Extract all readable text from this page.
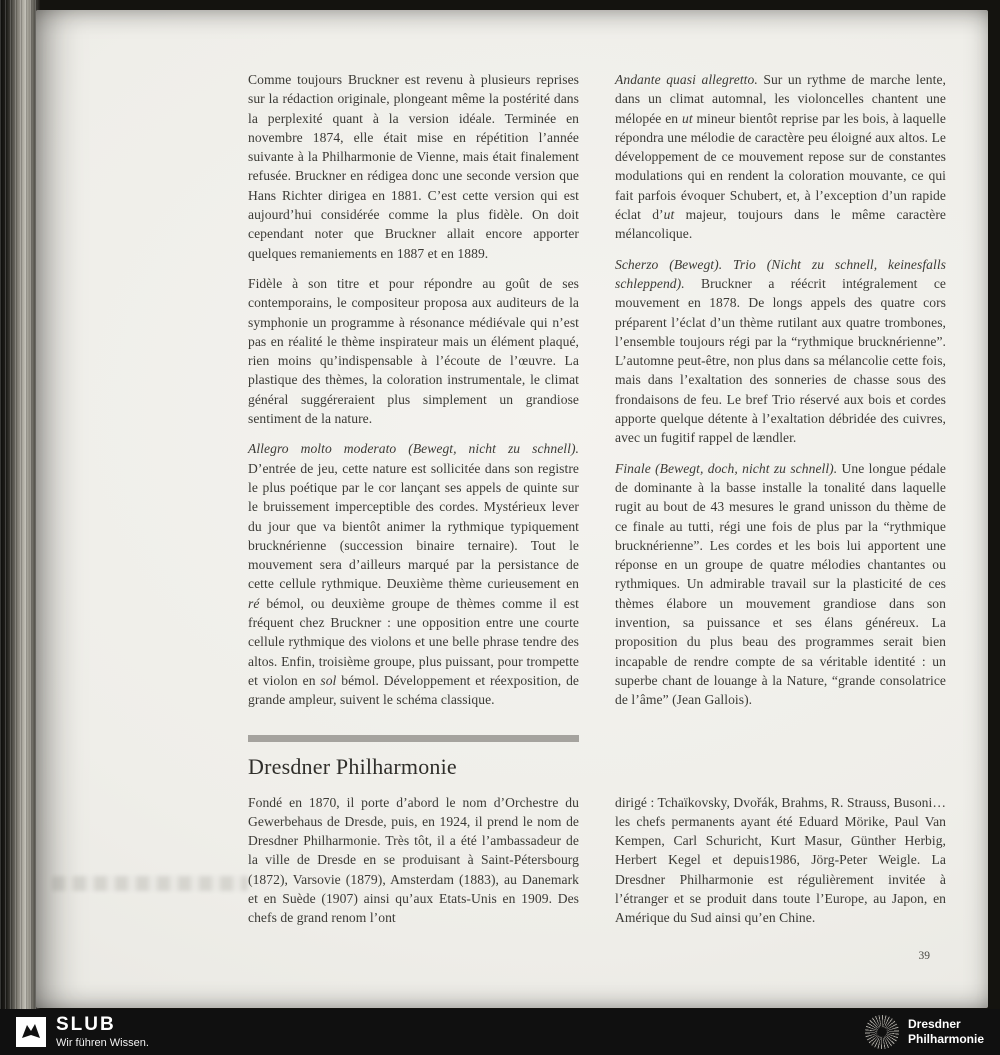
Comme toujours Bruckner est revenu à plusieurs reprises sur la rédaction originale, plongeant même la postérité dans la perplexité quant à la version idéale. Terminée en novembre 1874, elle était mise en répétition l’année suivante à la Philharmonie de Vienne, mais était finalement refusée. Bruckner en rédigea donc une seconde version que Hans Richter dirigea en 1881. C’est cette version qui est aujourd’hui considérée comme la plus fidèle. On doit cependant noter que Bruckner allait encore apporter quelques remaniements en 1887 et en 1889.

Fidèle à son titre et pour répondre au goût de ses contemporains, le compositeur proposa aux auditeurs de la symphonie un programme à résonance médiévale qui n’est pas en réalité le thème inspirateur mais un élément plaqué, rien moins qu’indispensable à l’écoute de l’œuvre. La plastique des thèmes, la coloration instrumentale, le climat général suggéreraient plus simplement un grandiose sentiment de la nature.

Allegro molto moderato (Bewegt, nicht zu schnell). D’entrée de jeu, cette nature est sollicitée dans son registre le plus poétique par le cor lançant ses appels de quinte sur le bruissement imperceptible des cordes. Mystérieux lever du jour que va bientôt animer la rythmique typiquement brucknérienne (succession binaire ternaire). Tout le mouvement sera d’ailleurs marqué par la persistance de cette cellule rythmique. Deuxième thème curieusement en ré bémol, ou deuxième groupe de thèmes comme il est fréquent chez Bruckner : une opposition entre une courte cellule rythmique des violons et une belle phrase tendre des altos. Enfin, troisième groupe, plus puissant, pour trompette et violon en sol bémol. Développement et réexposition, de grande ampleur, suivent le schéma classique.

Andante quasi allegretto. Sur un rythme de marche lente, dans un climat automnal, les violoncelles chantent une mélopée en ut mineur bientôt reprise par les bois, à laquelle répondra une mélodie de caractère peu éloigné aux altos. Le développement de ce mouvement repose sur de constantes modulations qui en rendent la coloration mouvante, ce qui fait parfois évoquer Schubert, et, à l’exception d’un rapide éclat d’ut majeur, toujours dans le même caractère mélancolique.

Scherzo (Bewegt). Trio (Nicht zu schnell, keinesfalls schleppend). Bruckner a réécrit intégralement ce mouvement en 1878. De longs appels des quatre cors préparent l’éclat d’un thème rutilant aux quatre trombones, l’ensemble toujours régi par la “rythmique brucknérienne”. L’automne peut-être, non plus dans sa mélancolie cette fois, mais dans l’exaltation des sonneries de chasse sous des frondaisons de feu. Le bref Trio réservé aux bois et cordes apporte quelque détente à l’exaltation débridée des cuivres, avec un fugitif rappel de lændler.

Finale (Bewegt, doch, nicht zu schnell). Une longue pédale de dominante à la basse installe la tonalité dans laquelle rugit au bout de 43 mesures le grand unisson du thème de ce finale au tutti, régi une fois de plus par la “rythmique brucknérienne”. Les cordes et les bois lui apportent une réponse en un groupe de quatre mélodies chantantes ou rythmiques. Un admirable travail sur la plasticité de ces thèmes élabore un mouvement grandiose dans son invention, sa puissance et ses élans généreux. La proposition du plus beau des programmes serait bien incapable de rendre compte de sa véritable identité : un superbe chant de louange à la Nature, “grande consolatrice de l’âme” (Jean Gallois).

Dresdner Philharmonie

Fondé en 1870, il porte d’abord le nom d’Orchestre du Gewerbehaus de Dresde, puis, en 1924, il prend le nom de Dresdner Philharmonie. Très tôt, il a été l’ambassadeur de la ville de Dresde en se produisant à Saint-Pétersbourg (1872), Varsovie (1879), Amsterdam (1883), au Danemark et en Suède (1907) ainsi qu’aux Etats-Unis en 1909. Des chefs de grand renom l’ont

dirigé : Tchaïkovsky, Dvořák, Brahms, R. Strauss, Busoni… les chefs permanents ayant été Eduard Mörike, Paul Van Kempen, Carl Schuricht, Kurt Masur, Günther Herbig, Herbert Kegel et depuis1986, Jörg-Peter Weigle. La Dresdner Philharmonie est régulièrement invitée à l’étranger et se produit dans toute l’Europe, au Japon, en Amérique du Sud ainsi qu’en Chine.

39
SLUB
Wir führen Wissen.
Dresdner
Philharmonie
